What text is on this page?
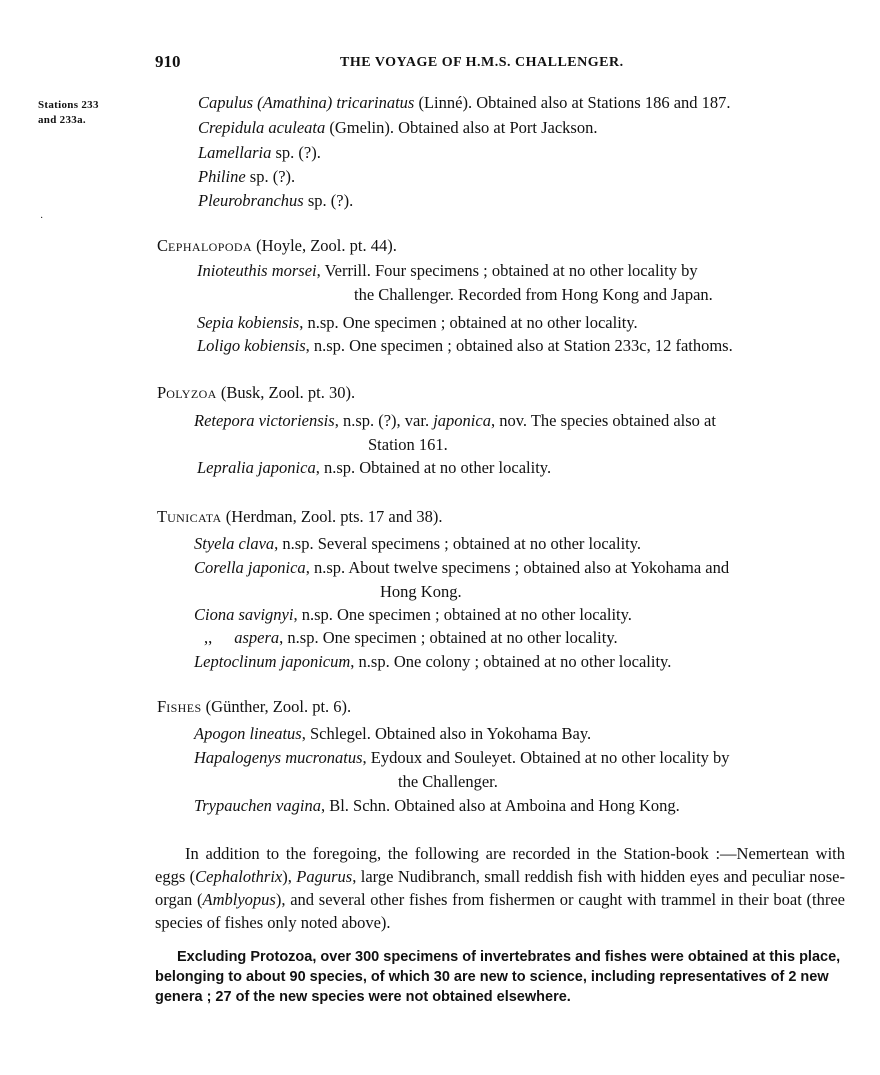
910	THE VOYAGE OF H.M.S. CHALLENGER.
Stations 233
and 233a.
·
Capulus (Amathina) tricarinatus (Linné). Obtained also at Stations 186 and 187.
Crepidula aculeata (Gmelin). Obtained also at Port Jackson.
Lamellaria sp. (?).
Philine sp. (?).
Pleurobranchus sp. (?).
CEPHALOPODA (Hoyle, Zool. pt. 44).
Inioteuthis morsei, Verrill. Four specimens ; obtained at no other locality by
the Challenger. Recorded from Hong Kong and Japan.
Sepia kobiensis, n.sp. One specimen ; obtained at no other locality.
Loligo kobiensis, n.sp. One specimen ; obtained also at Station 233c, 12 fathoms.
POLYZOA (Busk, Zool. pt. 30).
Retepora victoriensis, n.sp. (?), var. japonica, nov. The species obtained also at
Station 161.
Lepralia japonica, n.sp. Obtained at no other locality.
TUNICATA (Herdman, Zool. pts. 17 and 38).
Styela clava, n.sp. Several specimens ; obtained at no other locality.
Corella japonica, n.sp. About twelve specimens ; obtained also at Yokohama and
Hong Kong.
Ciona savignyi, n.sp. One specimen ; obtained at no other locality.
,, aspera, n.sp. One specimen ; obtained at no other locality.
Leptoclinum japonicum, n.sp. One colony ; obtained at no other locality.
FISHES (Günther, Zool. pt. 6).
Apogon lineatus, Schlegel. Obtained also in Yokohama Bay.
Hapalogenys mucronatus, Eydoux and Souleyet. Obtained at no other locality by
the Challenger.
Trypauchen vagina, Bl. Schn. Obtained also at Amboina and Hong Kong.
In addition to the foregoing, the following are recorded in the Station-book :—Nemertean with eggs (Cephalothrix), Pagurus, large Nudibranch, small reddish fish with hidden eyes and peculiar nose-organ (Amblyopus), and several other fishes from fishermen or caught with trammel in their boat (three species of fishes only noted above).
Excluding Protozoa, over 300 specimens of invertebrates and fishes were obtained at this place, belonging to about 90 species, of which 30 are new to science, including representatives of 2 new genera ; 27 of the new species were not obtained elsewhere.
